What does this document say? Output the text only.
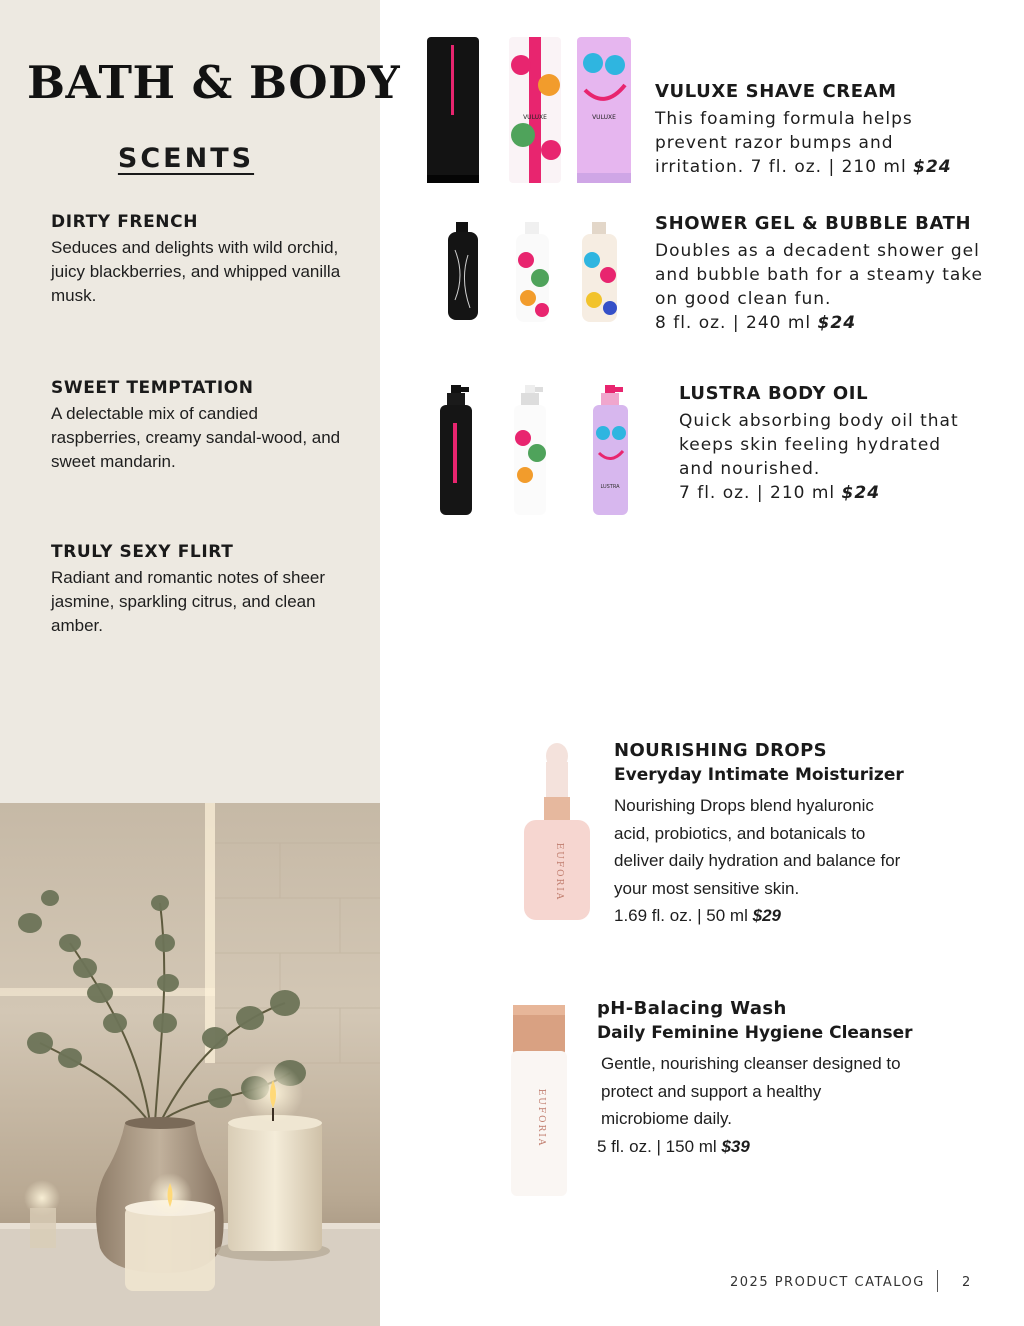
BATH & BODY
SCENTS
DIRTY FRENCH

Seduces and delights with wild orchid, juicy blackberries, and whipped vanilla musk.

SWEET TEMPTATION

A delectable mix of candied raspberries, creamy sandal-wood, and sweet mandarin.

TRULY SEXY FLIRT

Radiant and romantic notes of sheer jasmine, sparkling citrus, and clean amber.

VULUXE	VULUXE
VULUXE SHAVE CREAM

This foaming formula helps prevent razor bumps and irritation. 7 fl. oz. | 210 ml $24

SHOWER GEL & BUBBLE BATH

Doubles as a decadent shower gel and bubble bath for a steamy take on good clean fun.

8 fl. oz. | 240 ml $24

LUSTRA
LUSTRA BODY OIL

Quick absorbing body oil that keeps skin feeling hydrated and nourished.

7 fl. oz. | 210 ml $24

EUFORIA
NOURISHING DROPS
Everyday Intimate Moisturizer

Nourishing Drops blend hyaluronic acid, probiotics, and botanicals to deliver daily hydration and balance for your most sensitive skin.

1.69 fl. oz. | 50 ml $29

EUFORIA
pH-Balacing Wash
Daily Feminine Hygiene Cleanser

Gentle, nourishing cleanser designed to protect and support a healthy microbiome daily.

5 fl. oz. | 150 ml $39

2025 PRODUCT CATALOG	2
